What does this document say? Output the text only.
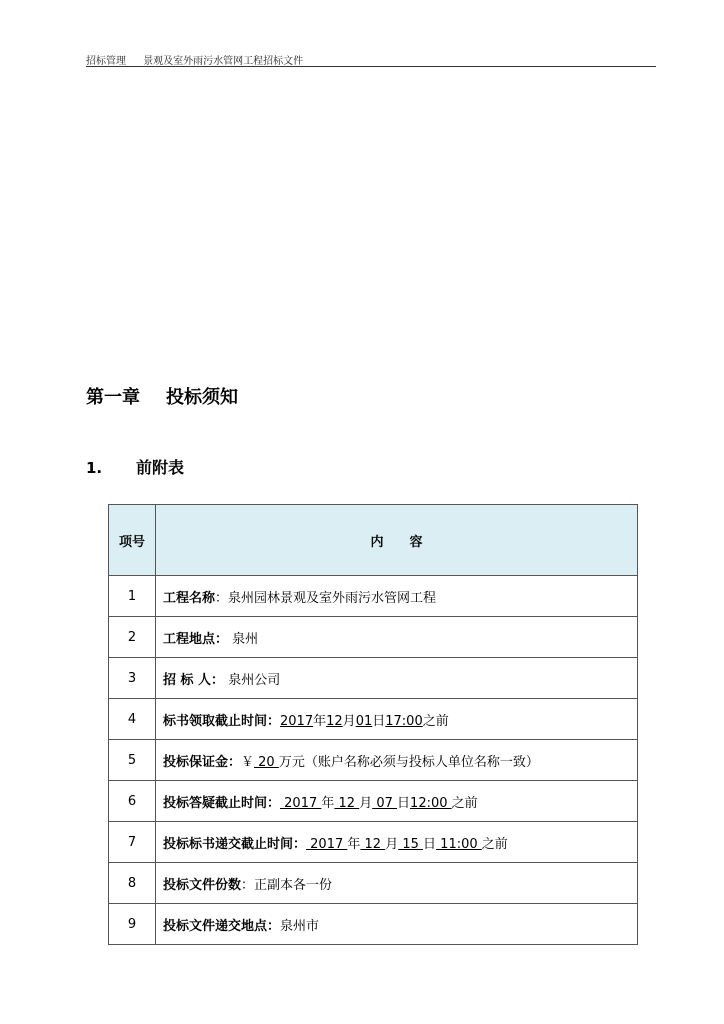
招标管理 景观及室外雨污水管网工程招标文件
第一章 投标须知
1. 前附表
项号	内　　容
1	工程名称：泉州园林景观及室外雨污水管网工程
2	工程地点： 泉州
3	招 标 人： 泉州公司
4	标书领取截止时间：2017年12月01日17:00之前
5	投标保证金：￥ 20 万元（账户名称必须与投标人单位名称一致）
6	投标答疑截止时间： 2017 年 12 月 07 日12:00 之前
7	投标标书递交截止时间： 2017 年 12 月 15 日 11:00 之前
8	投标文件份数：正副本各一份
9	投标文件递交地点：泉州市
